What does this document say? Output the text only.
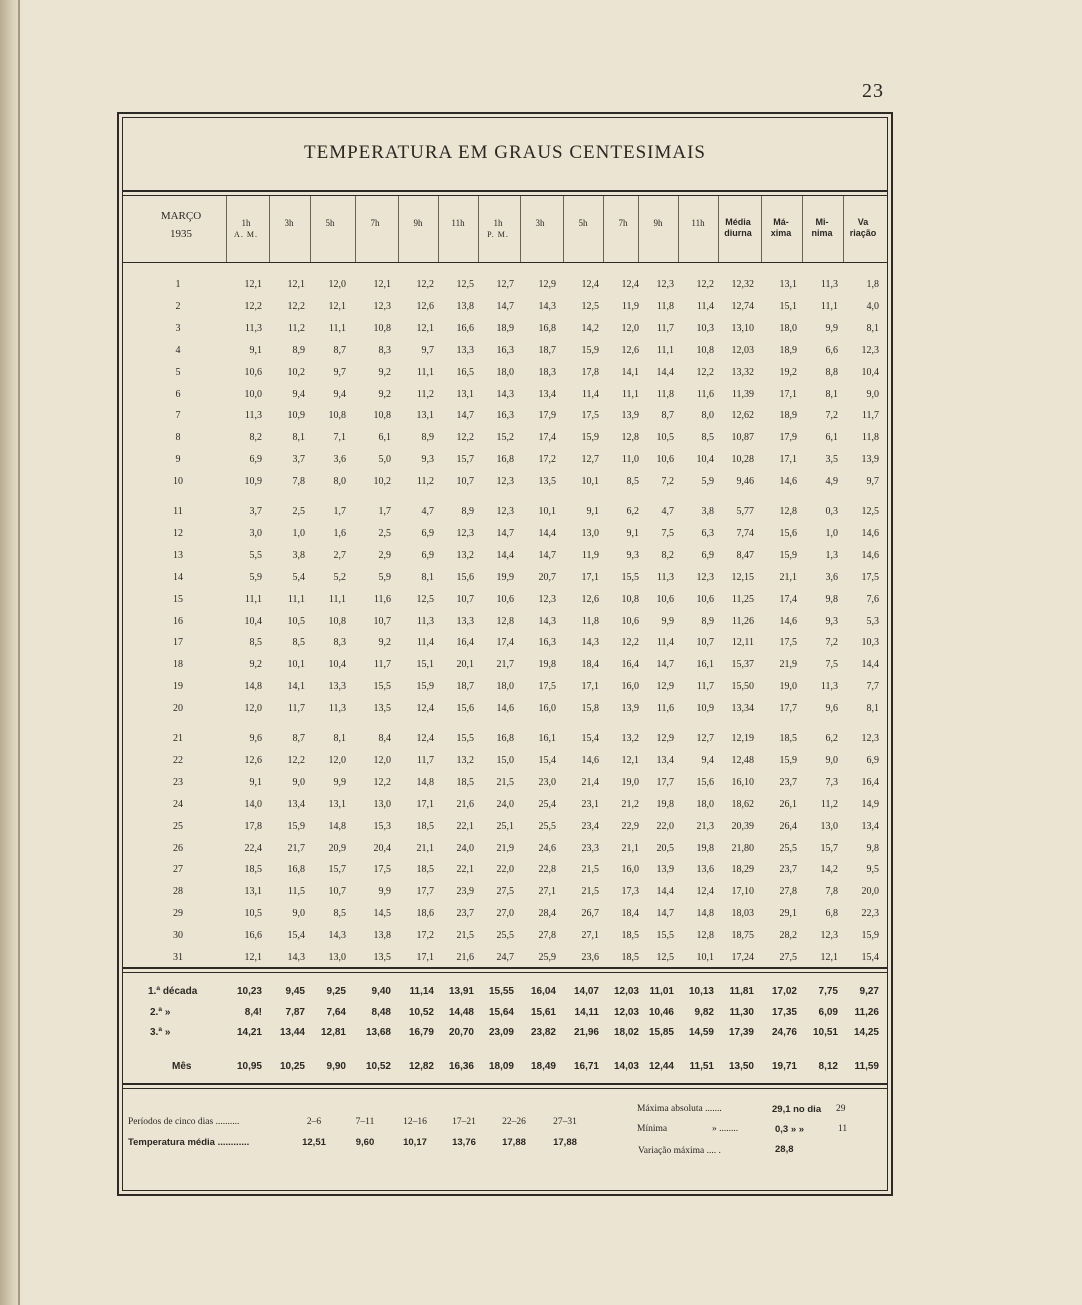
23
TEMPERATURA EM GRAUS CENTESIMAIS
MARÇO
1935
1h
A. M.
3h	5h	7h	9h	11h	1h
P. M.
3h	5h	7h	9h	11h	Média
diurna
Má-
xima
Mi-
nima
Va
riação
1	12,1	12,1	12,0	12,1	12,2	12,5	12,7	12,9	12,4	12,4	12,3	12,2	12,32	13,1	11,3	1,8
2	12,2	12,2	12,1	12,3	12,6	13,8	14,7	14,3	12,5	11,9	11,8	11,4	12,74	15,1	11,1	4,0
3	11,3	11,2	11,1	10,8	12,1	16,6	18,9	16,8	14,2	12,0	11,7	10,3	13,10	18,0	9,9	8,1
4	9,1	8,9	8,7	8,3	9,7	13,3	16,3	18,7	15,9	12,6	11,1	10,8	12,03	18,9	6,6	12,3
5	10,6	10,2	9,7	9,2	11,1	16,5	18,0	18,3	17,8	14,1	14,4	12,2	13,32	19,2	8,8	10,4
6	10,0	9,4	9,4	9,2	11,2	13,1	14,3	13,4	11,4	11,1	11,8	11,6	11,39	17,1	8,1	9,0
7	11,3	10,9	10,8	10,8	13,1	14,7	16,3	17,9	17,5	13,9	8,7	8,0	12,62	18,9	7,2	11,7
8	8,2	8,1	7,1	6,1	8,9	12,2	15,2	17,4	15,9	12,8	10,5	8,5	10,87	17,9	6,1	11,8
9	6,9	3,7	3,6	5,0	9,3	15,7	16,8	17,2	12,7	11,0	10,6	10,4	10,28	17,1	3,5	13,9
10	10,9	7,8	8,0	10,2	11,2	10,7	12,3	13,5	10,1	8,5	7,2	5,9	9,46	14,6	4,9	9,7
11	3,7	2,5	1,7	1,7	4,7	8,9	12,3	10,1	9,1	6,2	4,7	3,8	5,77	12,8	0,3	12,5
12	3,0	1,0	1,6	2,5	6,9	12,3	14,7	14,4	13,0	9,1	7,5	6,3	7,74	15,6	1,0	14,6
13	5,5	3,8	2,7	2,9	6,9	13,2	14,4	14,7	11,9	9,3	8,2	6,9	8,47	15,9	1,3	14,6
14	5,9	5,4	5,2	5,9	8,1	15,6	19,9	20,7	17,1	15,5	11,3	12,3	12,15	21,1	3,6	17,5
15	11,1	11,1	11,1	11,6	12,5	10,7	10,6	12,3	12,6	10,8	10,6	10,6	11,25	17,4	9,8	7,6
16	10,4	10,5	10,8	10,7	11,3	13,3	12,8	14,3	11,8	10,6	9,9	8,9	11,26	14,6	9,3	5,3
17	8,5	8,5	8,3	9,2	11,4	16,4	17,4	16,3	14,3	12,2	11,4	10,7	12,11	17,5	7,2	10,3
18	9,2	10,1	10,4	11,7	15,1	20,1	21,7	19,8	18,4	16,4	14,7	16,1	15,37	21,9	7,5	14,4
19	14,8	14,1	13,3	15,5	15,9	18,7	18,0	17,5	17,1	16,0	12,9	11,7	15,50	19,0	11,3	7,7
20	12,0	11,7	11,3	13,5	12,4	15,6	14,6	16,0	15,8	13,9	11,6	10,9	13,34	17,7	9,6	8,1
21	9,6	8,7	8,1	8,4	12,4	15,5	16,8	16,1	15,4	13,2	12,9	12,7	12,19	18,5	6,2	12,3
22	12,6	12,2	12,0	12,0	11,7	13,2	15,0	15,4	14,6	12,1	13,4	9,4	12,48	15,9	9,0	6,9
23	9,1	9,0	9,9	12,2	14,8	18,5	21,5	23,0	21,4	19,0	17,7	15,6	16,10	23,7	7,3	16,4
24	14,0	13,4	13,1	13,0	17,1	21,6	24,0	25,4	23,1	21,2	19,8	18,0	18,62	26,1	11,2	14,9
25	17,8	15,9	14,8	15,3	18,5	22,1	25,1	25,5	23,4	22,9	22,0	21,3	20,39	26,4	13,0	13,4
26	22,4	21,7	20,9	20,4	21,1	24,0	21,9	24,6	23,3	21,1	20,5	19,8	21,80	25,5	15,7	9,8
27	18,5	16,8	15,7	17,5	18,5	22,1	22,0	22,8	21,5	16,0	13,9	13,6	18,29	23,7	14,2	9,5
28	13,1	11,5	10,7	9,9	17,7	23,9	27,5	27,1	21,5	17,3	14,4	12,4	17,10	27,8	7,8	20,0
29	10,5	9,0	8,5	14,5	18,6	23,7	27,0	28,4	26,7	18,4	14,7	14,8	18,03	29,1	6,8	22,3
30	16,6	15,4	14,3	13,8	17,2	21,5	25,5	27,8	27,1	18,5	15,5	12,8	18,75	28,2	12,3	15,9
31	12,1	14,3	13,0	13,5	17,1	21,6	24,7	25,9	23,6	18,5	12,5	10,1	17,24	27,5	12,1	15,4
1.ª década	10,23	9,45	9,25	9,40	11,14	13,91	15,55	16,04	14,07	12,03	11,01	10,13	11,81	17,02	7,75	9,27
2.ª »	8,4!	7,87	7,64	8,48	10,52	14,48	15,64	15,61	14,11	12,03 10,46	9,82	11,30	17,35	6,09	11,26
3.ª »	14,21	13,44	12,81	13,68	16,79	20,70	23,09	23,82	21,96	18,02 15,85	14,59	17,39	24,76	10,51	14,25
Mês	10,95	10,25	9,90	10,52	12,82	16,36	18,09	18,49	16,71	14,03 12,44	11,51	13,50	19,71	8,12	11,59
Períodos de cinco dias ..........
Temperatura média ............
2–6	7–11	12–16	17–21	22–26	27–31
12,51	9,60	10,17	13,76	17,88	17,88
Máxima absoluta .......	29,1 no dia 29
Mínima	» ........	0,3 » »	11
Variação máxima .... .	28,8
